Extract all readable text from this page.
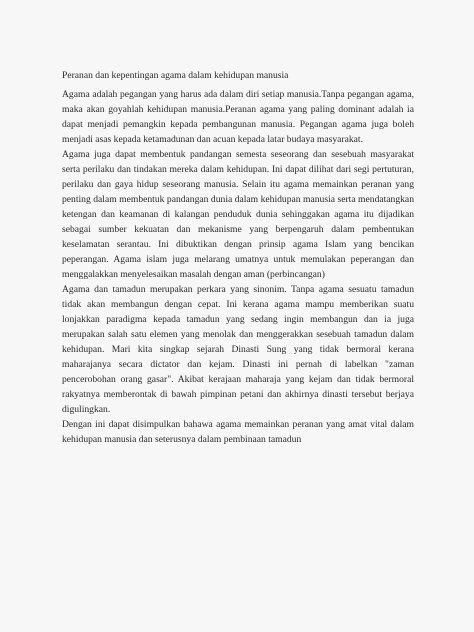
Peranan dan kepentingan agama dalam kehidupan manusia

Agama adalah pegangan yang harus ada dalam diri setiap manusia.Tanpa pegangan agama, maka akan goyahlah kehidupan manusia.Peranan agama yang paling dominant adalah ia dapat menjadi pemangkin kepada pembangunan manusia. Pegangan agama juga boleh menjadi asas kepada ketamadunan dan acuan kepada latar budaya masyarakat.

Agama juga dapat membentuk pandangan semesta seseorang dan sesebuah masyarakat serta perilaku dan tindakan mereka dalam kehidupan. Ini dapat dilihat dari segi pertuturan, perilaku dan gaya hidup seseorang manusia. Selain itu agama memainkan peranan yang penting dalam membentuk pandangan dunia dalam kehidupan manusia serta mendatangkan ketengan dan keamanan di kalangan penduduk dunia sehinggakan agama itu dijadikan sebagai sumber kekuatan dan mekanisme yang berpengaruh dalam pembentukan keselamatan serantau. Ini dibuktikan dengan prinsip agama Islam yang bencikan peperangan. Agama islam juga melarang umatnya untuk memulakan peperangan dan menggalakkan menyelesaikan masalah dengan aman (perbincangan)

Agama dan tamadun merupakan perkara yang sinonim. Tanpa agama sesuatu tamadun tidak akan membangun dengan cepat. Ini kerana agama mampu memberikan suatu lonjakkan paradigma kepada tamadun yang sedang ingin membangun dan ia juga merupakan salah satu elemen yang menolak dan menggerakkan sesebuah tamadun dalam kehidupan. Mari kita singkap sejarah Dinasti Sung yang tidak bermoral kerana maharajanya secara dictator dan kejam. Dinasti ini pernah di labelkan "zaman pencerobohan orang gasar". Akibat kerajaan maharaja yang kejam dan tidak bermoral rakyatnya memberontak di bawah pimpinan petani dan akhirnya dinasti tersebut berjaya digulingkan.

Dengan ini dapat disimpulkan bahawa agama memainkan peranan yang amat vital dalam kehidupan manusia dan seterusnya dalam pembinaan tamadun
